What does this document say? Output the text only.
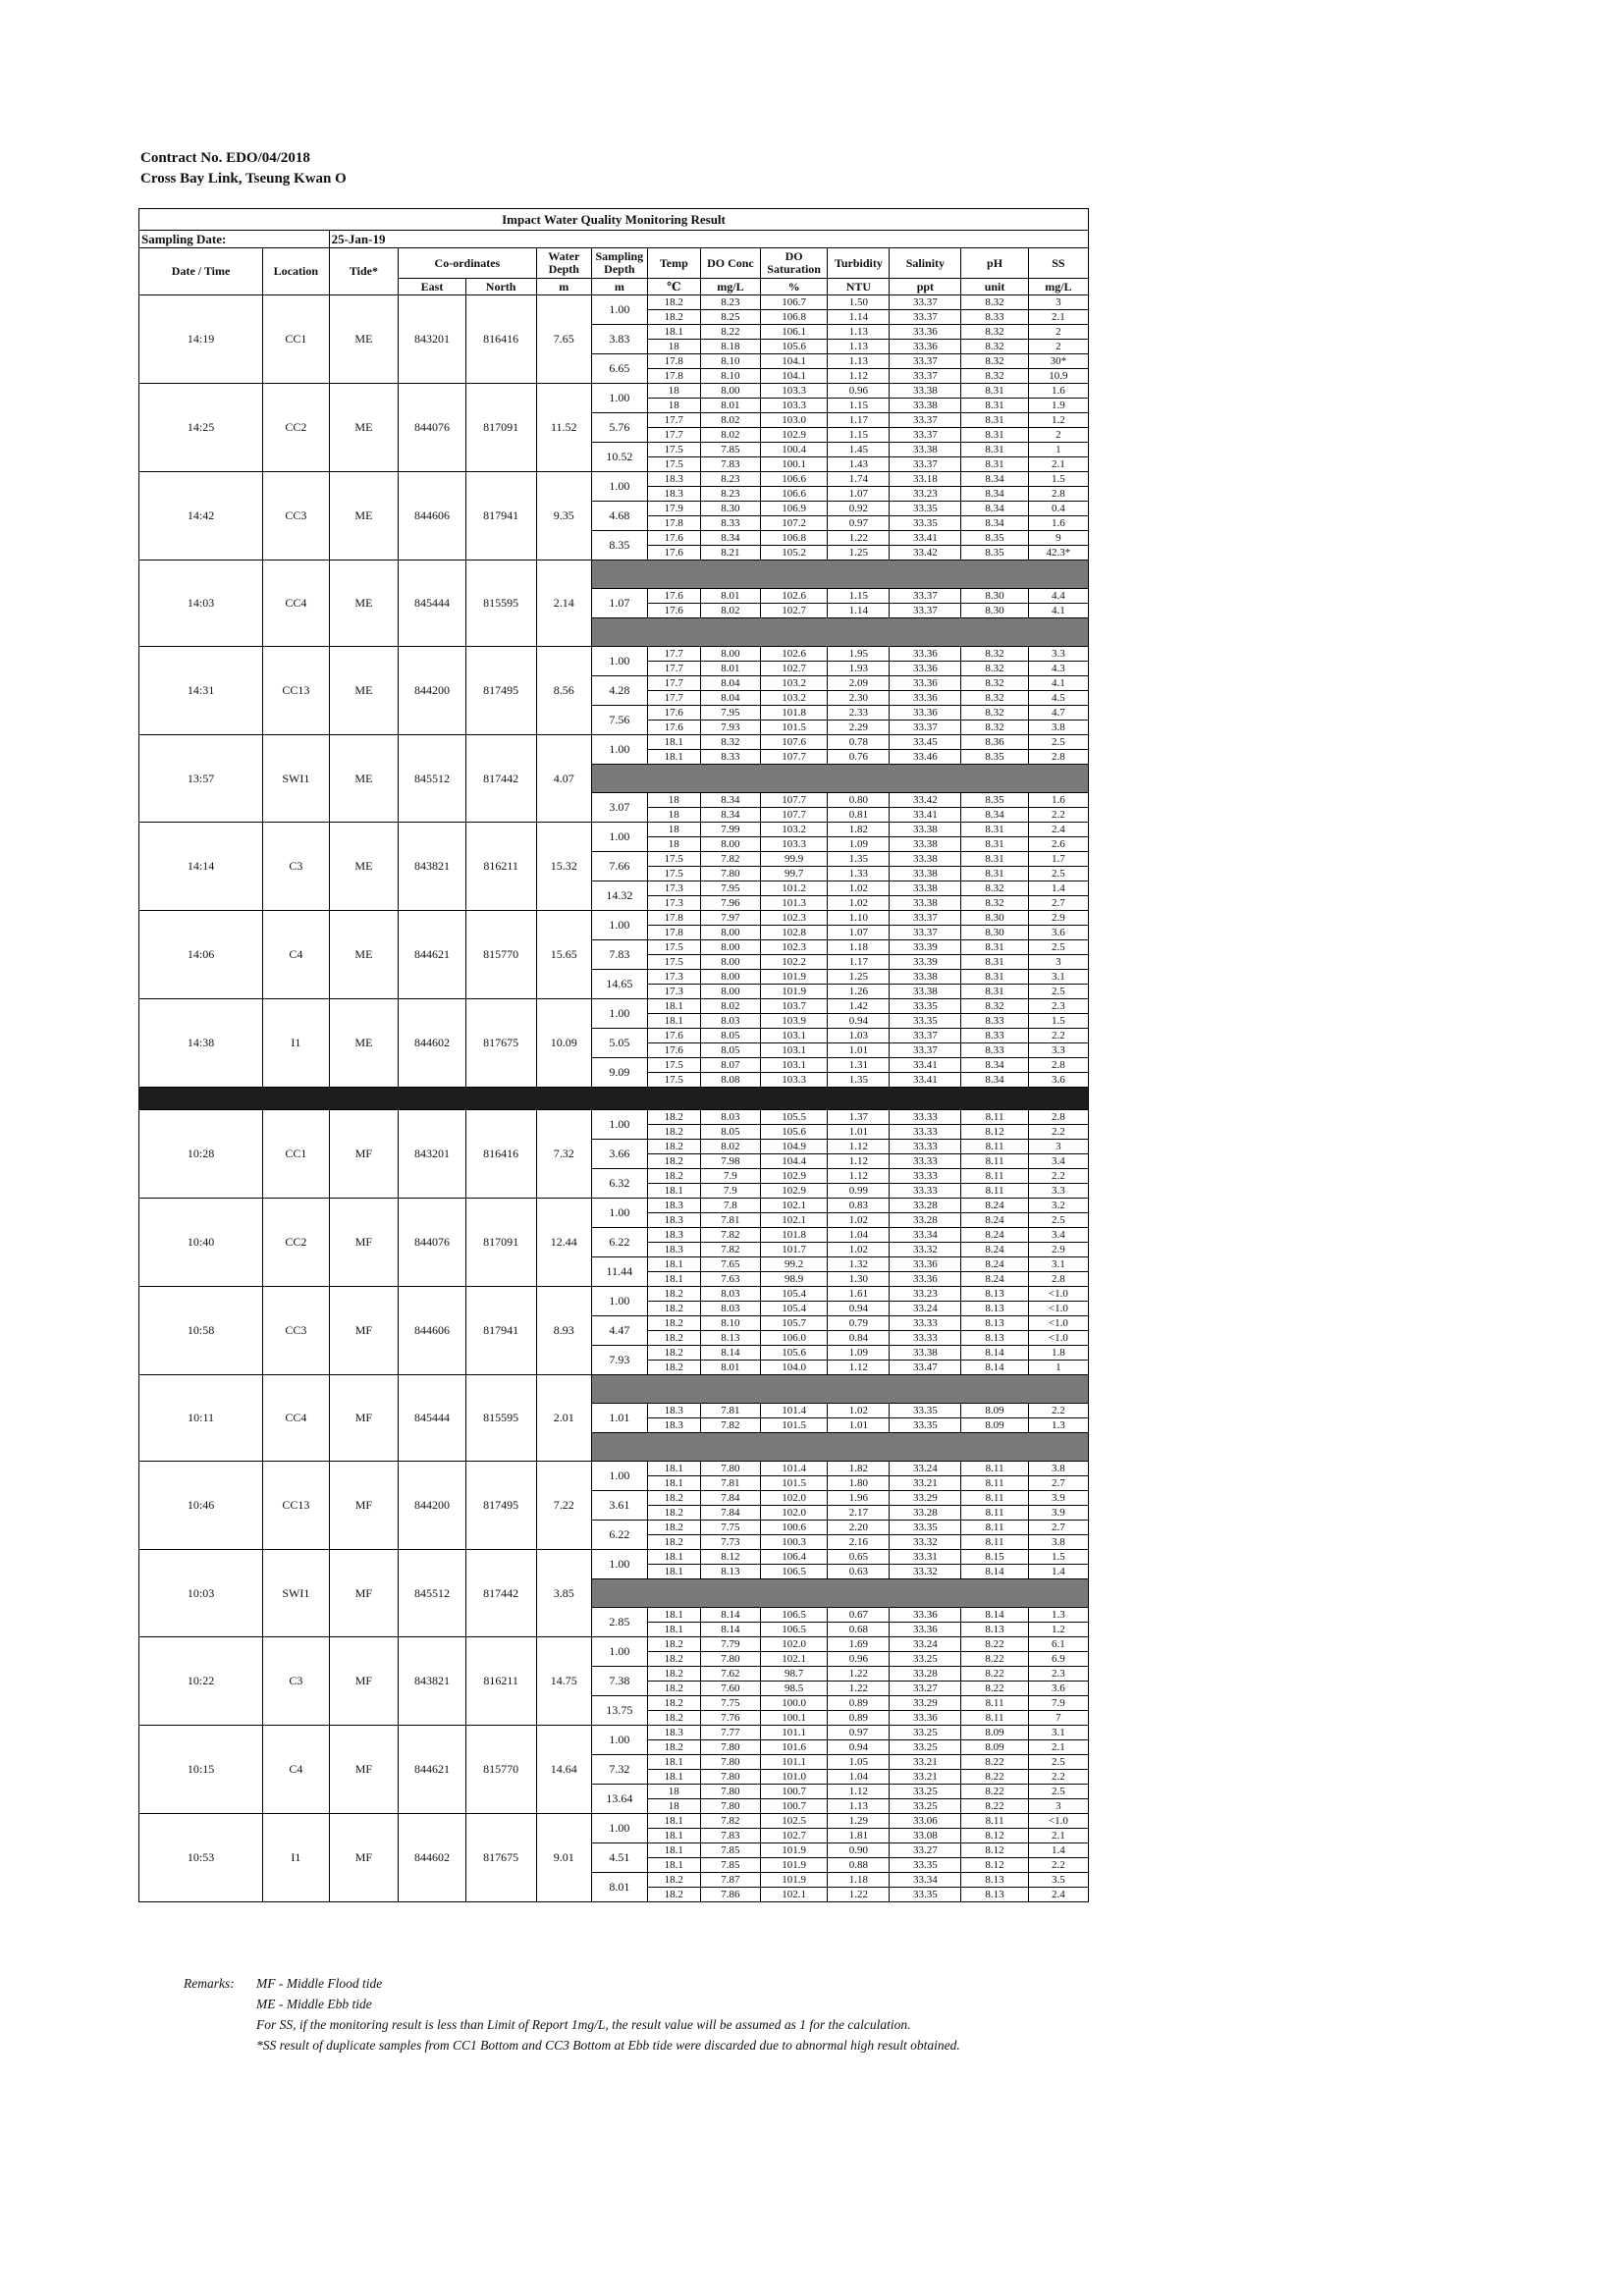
Contract No. EDO/04/2018
Cross Bay Link, Tseung Kwan O
Impact Water Quality Monitoring Result													
Sampling Date:		25-Jan-19											
Date / Time	Location	Tide*	Co-ordinates		Water Depth	Sampling Depth	Temp	DO Conc	DO Saturation	Turbidity	Salinity	pH	SS
			East	North	m	m	℃	mg/L	%	NTU	ppt	unit	mg/L
14:19	CC1	ME	843201	816416	7.65	1.00	18.2	8.23	106.7	1.50	33.37	8.32	3
							18.2	8.25	106.8	1.14	33.37	8.33	2.1
						3.83	18.1	8.22	106.1	1.13	33.36	8.32	2
							18	8.18	105.6	1.13	33.36	8.32	2
						6.65	17.8	8.10	104.1	1.13	33.37	8.32	30*
							17.8	8.10	104.1	1.12	33.37	8.32	10.9
14:25	CC2	ME	844076	817091	11.52	1.00	18	8.00	103.3	0.96	33.38	8.31	1.6
							18	8.01	103.3	1.15	33.38	8.31	1.9
						5.76	17.7	8.02	103.0	1.17	33.37	8.31	1.2
							17.7	8.02	102.9	1.15	33.37	8.31	2
						10.52	17.5	7.85	100.4	1.45	33.38	8.31	1
							17.5	7.83	100.1	1.43	33.37	8.31	2.1
14:42	CC3	ME	844606	817941	9.35	1.00	18.3	8.23	106.6	1.74	33.18	8.34	1.5
							18.3	8.23	106.6	1.07	33.23	8.34	2.8
						4.68	17.9	8.30	106.9	0.92	33.35	8.34	0.4
							17.8	8.33	107.2	0.97	33.35	8.34	1.6
						8.35	17.6	8.34	106.8	1.22	33.41	8.35	9
							17.6	8.21	105.2	1.25	33.42	8.35	42.3*
14:03	CC4	ME	845444	815595	2.14								
						1.07	17.6	8.01	102.6	1.15	33.37	8.30	4.4
							17.6	8.02	102.7	1.14	33.37	8.30	4.1

14:31	CC13	ME	844200	817495	8.56	1.00	17.7	8.00	102.6	1.95	33.36	8.32	3.3
							17.7	8.01	102.7	1.93	33.36	8.32	4.3
						4.28	17.7	8.04	103.2	2.09	33.36	8.32	4.1
							17.7	8.04	103.2	2.30	33.36	8.32	4.5
						7.56	17.6	7.95	101.8	2.33	33.36	8.32	4.7
							17.6	7.93	101.5	2.29	33.37	8.32	3.8
13:57	SWI1	ME	845512	817442	4.07	1.00	18.1	8.32	107.6	0.78	33.45	8.36	2.5
							18.1	8.33	107.7	0.76	33.46	8.35	2.8

						3.07	18	8.34	107.7	0.80	33.42	8.35	1.6
							18	8.34	107.7	0.81	33.41	8.34	2.2
14:14	C3	ME	843821	816211	15.32	1.00	18	7.99	103.2	1.82	33.38	8.31	2.4
							18	8.00	103.3	1.09	33.38	8.31	2.6
						7.66	17.5	7.82	99.9	1.35	33.38	8.31	1.7
							17.5	7.80	99.7	1.33	33.38	8.31	2.5
						14.32	17.3	7.95	101.2	1.02	33.38	8.32	1.4
							17.3	7.96	101.3	1.02	33.38	8.32	2.7
14:06	C4	ME	844621	815770	15.65	1.00	17.8	7.97	102.3	1.10	33.37	8.30	2.9
							17.8	8.00	102.8	1.07	33.37	8.30	3.6
						7.83	17.5	8.00	102.3	1.18	33.39	8.31	2.5
							17.5	8.00	102.2	1.17	33.39	8.31	3
						14.65	17.3	8.00	101.9	1.25	33.38	8.31	3.1
							17.3	8.00	101.9	1.26	33.38	8.31	2.5
14:38	I1	ME	844602	817675	10.09	1.00	18.1	8.02	103.7	1.42	33.35	8.32	2.3
							18.1	8.03	103.9	0.94	33.35	8.33	1.5
						5.05	17.6	8.05	103.1	1.03	33.37	8.33	2.2
							17.6	8.05	103.1	1.01	33.37	8.33	3.3
						9.09	17.5	8.07	103.1	1.31	33.41	8.34	2.8
							17.5	8.08	103.3	1.35	33.41	8.34	3.6

10:28	CC1	MF	843201	816416	7.32	1.00	18.2	8.03	105.5	1.37	33.33	8.11	2.8
							18.2	8.05	105.6	1.01	33.33	8.12	2.2
						3.66	18.2	8.02	104.9	1.12	33.33	8.11	3
							18.2	7.98	104.4	1.12	33.33	8.11	3.4
						6.32	18.2	7.9	102.9	1.12	33.33	8.11	2.2
							18.1	7.9	102.9	0.99	33.33	8.11	3.3
10:40	CC2	MF	844076	817091	12.44	1.00	18.3	7.8	102.1	0.83	33.28	8.24	3.2
							18.3	7.81	102.1	1.02	33.28	8.24	2.5
						6.22	18.3	7.82	101.8	1.04	33.34	8.24	3.4
							18.3	7.82	101.7	1.02	33.32	8.24	2.9
						11.44	18.1	7.65	99.2	1.32	33.36	8.24	3.1
							18.1	7.63	98.9	1.30	33.36	8.24	2.8
10:58	CC3	MF	844606	817941	8.93	1.00	18.2	8.03	105.4	1.61	33.23	8.13	<1.0
							18.2	8.03	105.4	0.94	33.24	8.13	<1.0
						4.47	18.2	8.10	105.7	0.79	33.33	8.13	<1.0
							18.2	8.13	106.0	0.84	33.33	8.13	<1.0
						7.93	18.2	8.14	105.6	1.09	33.38	8.14	1.8
							18.2	8.01	104.0	1.12	33.47	8.14	1
10:11	CC4	MF	845444	815595	2.01								
						1.01	18.3	7.81	101.4	1.02	33.35	8.09	2.2
							18.3	7.82	101.5	1.01	33.35	8.09	1.3

10:46	CC13	MF	844200	817495	7.22	1.00	18.1	7.80	101.4	1.82	33.24	8.11	3.8
							18.1	7.81	101.5	1.80	33.21	8.11	2.7
						3.61	18.2	7.84	102.0	1.96	33.29	8.11	3.9
							18.2	7.84	102.0	2.17	33.28	8.11	3.9
						6.22	18.2	7.75	100.6	2.20	33.35	8.11	2.7
							18.2	7.73	100.3	2.16	33.32	8.11	3.8
10:03	SWI1	MF	845512	817442	3.85	1.00	18.1	8.12	106.4	0.65	33.31	8.15	1.5
							18.1	8.13	106.5	0.63	33.32	8.14	1.4

						2.85	18.1	8.14	106.5	0.67	33.36	8.14	1.3
							18.1	8.14	106.5	0.68	33.36	8.13	1.2
10:22	C3	MF	843821	816211	14.75	1.00	18.2	7.79	102.0	1.69	33.24	8.22	6.1
							18.2	7.80	102.1	0.96	33.25	8.22	6.9
						7.38	18.2	7.62	98.7	1.22	33.28	8.22	2.3
							18.2	7.60	98.5	1.22	33.27	8.22	3.6
						13.75	18.2	7.75	100.0	0.89	33.29	8.11	7.9
							18.2	7.76	100.1	0.89	33.36	8.11	7
10:15	C4	MF	844621	815770	14.64	1.00	18.3	7.77	101.1	0.97	33.25	8.09	3.1
							18.2	7.80	101.6	0.94	33.25	8.09	2.1
						7.32	18.1	7.80	101.1	1.05	33.21	8.22	2.5
							18.1	7.80	101.0	1.04	33.21	8.22	2.2
						13.64	18	7.80	100.7	1.12	33.25	8.22	2.5
							18	7.80	100.7	1.13	33.25	8.22	3
10:53	I1	MF	844602	817675	9.01	1.00	18.1	7.82	102.5	1.29	33.06	8.11	<1.0
							18.1	7.83	102.7	1.81	33.08	8.12	2.1
						4.51	18.1	7.85	101.9	0.90	33.27	8.12	1.4
							18.1	7.85	101.9	0.88	33.35	8.12	2.2
						8.01	18.2	7.87	101.9	1.18	33.34	8.13	3.5
							18.2	7.86	102.1	1.22	33.35	8.13	2.4
Remarks: MF - Middle Flood tide
ME - Middle Ebb tide
For SS, if the monitoring result is less than Limit of Report 1mg/L, the result value will be assumed as 1 for the calculation.
*SS result of duplicate samples from CC1 Bottom and CC3 Bottom at Ebb tide were discarded due to abnormal high result obtained.
